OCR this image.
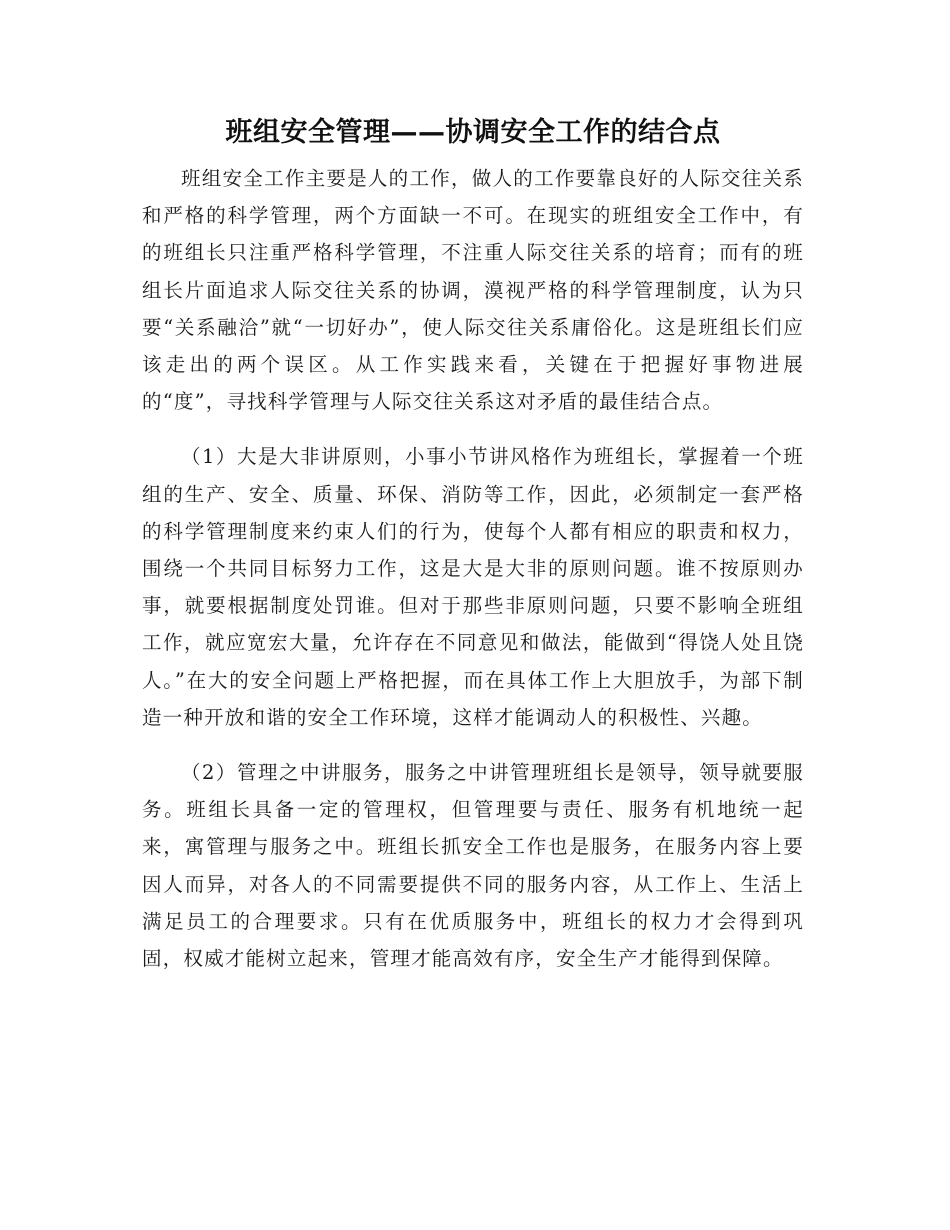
班组安全管理——协调安全工作的结合点

班组安全工作主要是人的工作，做人的工作要靠良好的人际交往关系和严格的科学管理，两个方面缺一不可。在现实的班组安全工作中，有的班组长只注重严格科学管理，不注重人际交往关系的培育；而有的班组长片面追求人际交往关系的协调，漠视严格的科学管理制度，认为只要“关系融洽”就“一切好办”，使人际交往关系庸俗化。这是班组长们应该走出的两个误区。从工作实践来看，关键在于把握好事物进展的“度”，寻找科学管理与人际交往关系这对矛盾的最佳结合点。

（1）大是大非讲原则，小事小节讲风格作为班组长，掌握着一个班组的生产、安全、质量、环保、消防等工作，因此，必须制定一套严格的科学管理制度来约束人们的行为，使每个人都有相应的职责和权力，围绕一个共同目标努力工作，这是大是大非的原则问题。谁不按原则办事，就要根据制度处罚谁。但对于那些非原则问题，只要不影响全班组工作，就应宽宏大量，允许存在不同意见和做法，能做到“得饶人处且饶人。”在大的安全问题上严格把握，而在具体工作上大胆放手，为部下制造一种开放和谐的安全工作环境，这样才能调动人的积极性、兴趣。

（2）管理之中讲服务，服务之中讲管理班组长是领导，领导就要服务。班组长具备一定的管理权，但管理要与责任、服务有机地统一起来，寓管理与服务之中。班组长抓安全工作也是服务，在服务内容上要因人而异，对各人的不同需要提供不同的服务内容，从工作上、生活上满足员工的合理要求。只有在优质服务中，班组长的权力才会得到巩固，权威才能树立起来，管理才能高效有序，安全生产才能得到保障。
